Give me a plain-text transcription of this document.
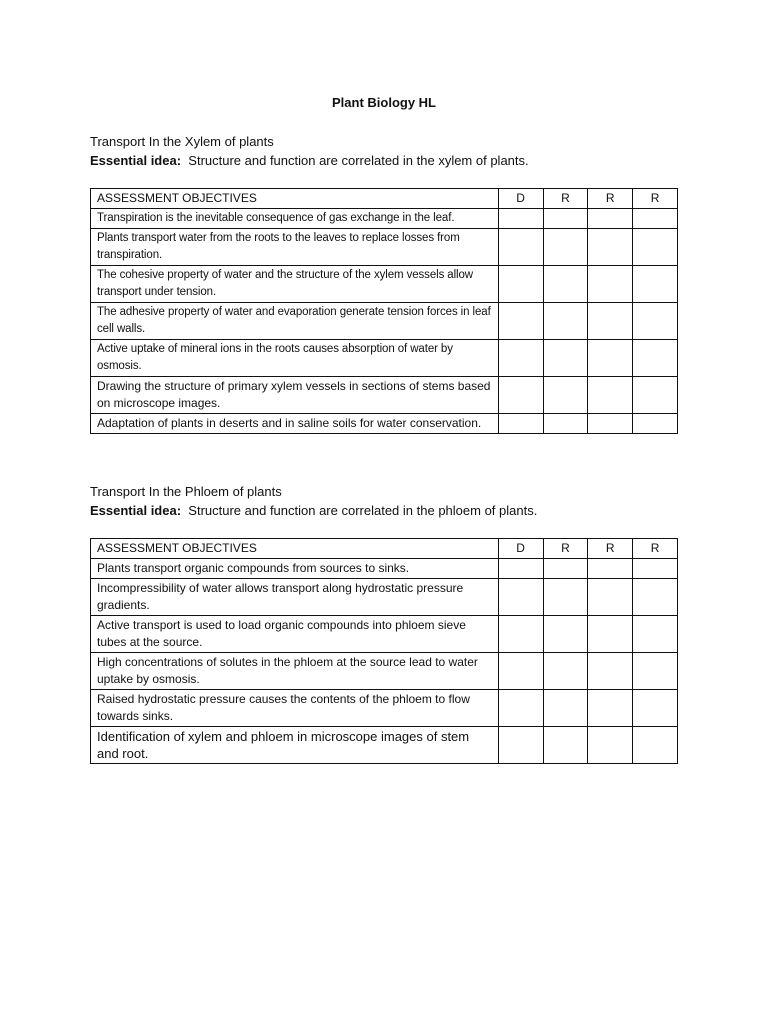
Plant Biology HL
Transport In the Xylem of plants
Essential idea: Structure and function are correlated in the xylem of plants.
ASSESSMENT OBJECTIVES	D	R	R	R
Transpiration is the inevitable consequence of gas exchange in the leaf.				
Plants transport water from the roots to the leaves to replace losses from transpiration.				
The cohesive property of water and the structure of the xylem vessels allow transport under tension.				
The adhesive property of water and evaporation generate tension forces in leaf cell walls.				
Active uptake of mineral ions in the roots causes absorption of water by osmosis.				
Drawing the structure of primary xylem vessels in sections of stems based on microscope images.				
Adaptation of plants in deserts and in saline soils for water conservation.				
Transport In the Phloem of plants
Essential idea: Structure and function are correlated in the phloem of plants.
ASSESSMENT OBJECTIVES	D	R	R	R
Plants transport organic compounds from sources to sinks.				
Incompressibility of water allows transport along hydrostatic pressure gradients.				
Active transport is used to load organic compounds into phloem sieve tubes at the source.				
High concentrations of solutes in the phloem at the source lead to water uptake by osmosis.				
Raised hydrostatic pressure causes the contents of the phloem to flow towards sinks.				
Identification of xylem and phloem in microscope images of stem and root.				
